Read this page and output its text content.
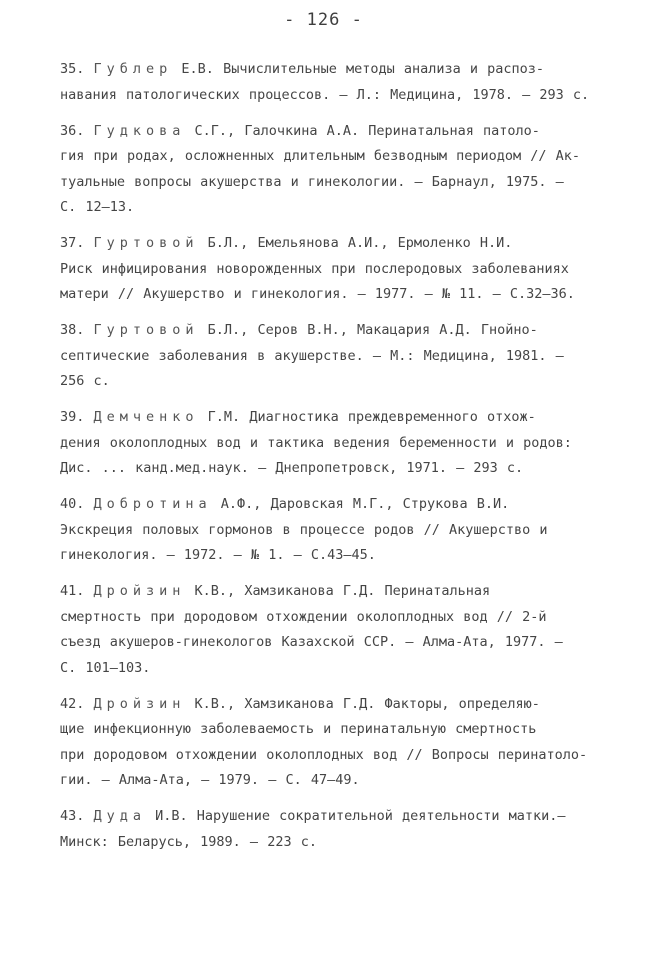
- 126 -
35. Гублер Е.В. Вычислительные методы анализа и распоз-
навания патологических процессов. – Л.: Медицина, 1978. – 293 с.
36. Гудкова С.Г., Галочкина А.А. Перинатальная патоло-
гия при родах, осложненных длительным безводным периодом // Ак-
туальные вопросы акушерства и гинекологии. – Барнаул, 1975. –
С. 12–13.
37. Гуртовой Б.Л., Емельянова А.И., Ермоленко Н.И.
Риск инфицирования новорожденных при послеродовых заболеваниях
матери // Акушерство и гинекология. – 1977. – № 11. – С.32–36.
38. Гуртовой Б.Л., Серов В.Н., Макацария А.Д. Гнойно-
септические заболевания в акушерстве. – М.: Медицина, 1981. –
256 с.
39. Демченко Г.М. Диагностика преждевременного отхож-
дения околоплодных вод и тактика ведения беременности и родов:
Дис. ... канд.мед.наук. – Днепропетровск, 1971. – 293 с.
40. Добротина А.Ф., Даровская М.Г., Струкова В.И.
Экскреция половых гормонов в процессе родов // Акушерство и
гинекология. – 1972. – № 1. – С.43–45.
41. Дройзин К.В., Хамзиканова Г.Д. Перинатальная
смертность при дородовом отхождении околоплодных вод // 2-й
съезд акушеров-гинекологов Казахской ССР. – Алма-Ата, 1977. –
С. 101–103.
42. Дройзин К.В., Хамзиканова Г.Д. Факторы, определяю-
щие инфекционную заболеваемость и перинатальную смертность
при дородовом отхождении околоплодных вод // Вопросы перинатоло-
гии. – Алма-Ата, – 1979. – С. 47–49.
43. Дуда И.В. Нарушение сократительной деятельности матки.–
Минск: Беларусь, 1989. – 223 с.
